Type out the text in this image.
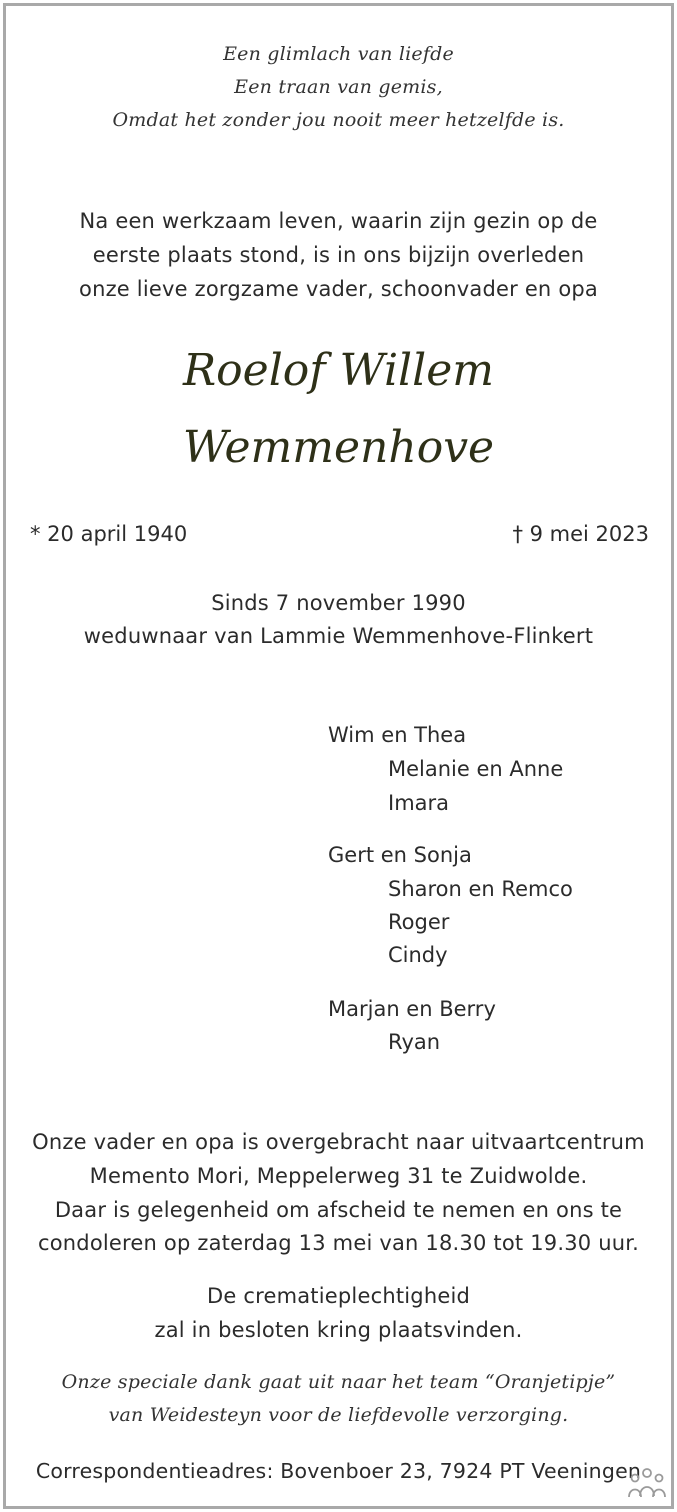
Een glimlach van liefde
Een traan van gemis,
Omdat het zonder jou nooit meer hetzelfde is.
Na een werkzaam leven, waarin zijn gezin op de
eerste plaats stond, is in ons bijzijn overleden
onze lieve zorgzame vader, schoonvader en opa
Roelof Willem
Wemmenhove
* 20 april 1940	† 9 mei 2023
Sinds 7 november 1990
weduwnaar van Lammie Wemmenhove-Flinkert
Wim en Thea
Melanie en Anne
Imara
Gert en Sonja
Sharon en Remco
Roger
Cindy
Marjan en Berry
Ryan
Onze vader en opa is overgebracht naar uitvaartcentrum
Memento Mori, Meppelerweg 31 te Zuidwolde.
Daar is gelegenheid om afscheid te nemen en ons te
condoleren op zaterdag 13 mei van 18.30 tot 19.30 uur.
De crematieplechtigheid
zal in besloten kring plaatsvinden.
Onze speciale dank gaat uit naar het team “Oranjetipje”
van Weidesteyn voor de liefdevolle verzorging.
Correspondentieadres: Bovenboer 23, 7924 PT Veeningen
